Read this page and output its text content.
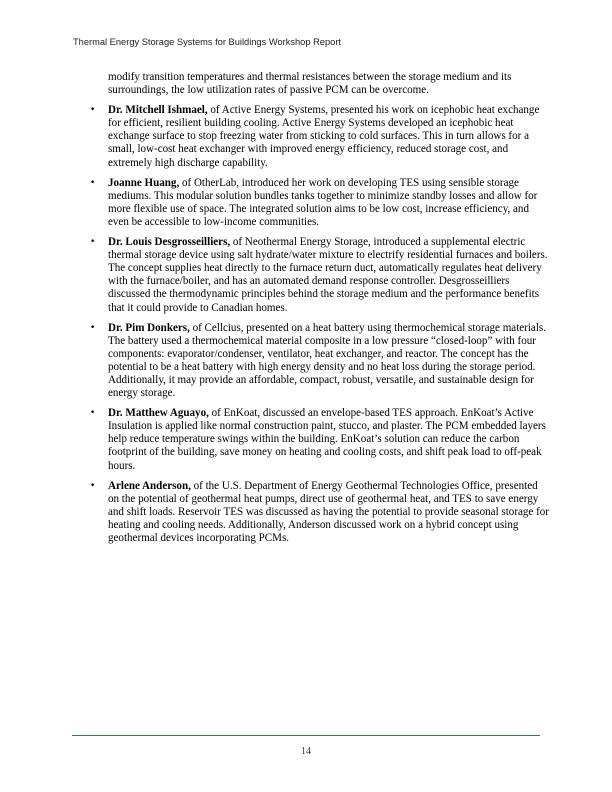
Thermal Energy Storage Systems for Buildings Workshop Report

modify transition temperatures and thermal resistances between the storage medium and its surroundings, the low utilization rates of passive PCM can be overcome.

• Dr. Mitchell Ishmael, of Active Energy Systems, presented his work on icephobic heat exchange for efficient, resilient building cooling. Active Energy Systems developed an icephobic heat exchange surface to stop freezing water from sticking to cold surfaces. This in turn allows for a small, low-cost heat exchanger with improved energy efficiency, reduced storage cost, and extremely high discharge capability.
• Joanne Huang, of OtherLab, introduced her work on developing TES using sensible storage mediums. This modular solution bundles tanks together to minimize standby losses and allow for more flexible use of space. The integrated solution aims to be low cost, increase efficiency, and even be accessible to low-income communities.
• Dr. Louis Desgrosseilliers, of Neothermal Energy Storage, introduced a supplemental electric thermal storage device using salt hydrate/water mixture to electrify residential furnaces and boilers. The concept supplies heat directly to the furnace return duct, automatically regulates heat delivery with the furnace/boiler, and has an automated demand response controller. Desgrosseilliers discussed the thermodynamic principles behind the storage medium and the performance benefits that it could provide to Canadian homes.
• Dr. Pim Donkers, of Cellcius, presented on a heat battery using thermochemical storage materials. The battery used a thermochemical material composite in a low pressure “closed-loop” with four components: evaporator/condenser, ventilator, heat exchanger, and reactor. The concept has the potential to be a heat battery with high energy density and no heat loss during the storage period. Additionally, it may provide an affordable, compact, robust, versatile, and sustainable design for energy storage.
• Dr. Matthew Aguayo, of EnKoat, discussed an envelope-based TES approach. EnKoat’s Active Insulation is applied like normal construction paint, stucco, and plaster. The PCM embedded layers help reduce temperature swings within the building. EnKoat’s solution can reduce the carbon footprint of the building, save money on heating and cooling costs, and shift peak load to off-peak hours.
• Arlene Anderson, of the U.S. Department of Energy Geothermal Technologies Office, presented on the potential of geothermal heat pumps, direct use of geothermal heat, and TES to save energy and shift loads. Reservoir TES was discussed as having the potential to provide seasonal storage for heating and cooling needs. Additionally, Anderson discussed work on a hybrid concept using geothermal devices incorporating PCMs.
14
